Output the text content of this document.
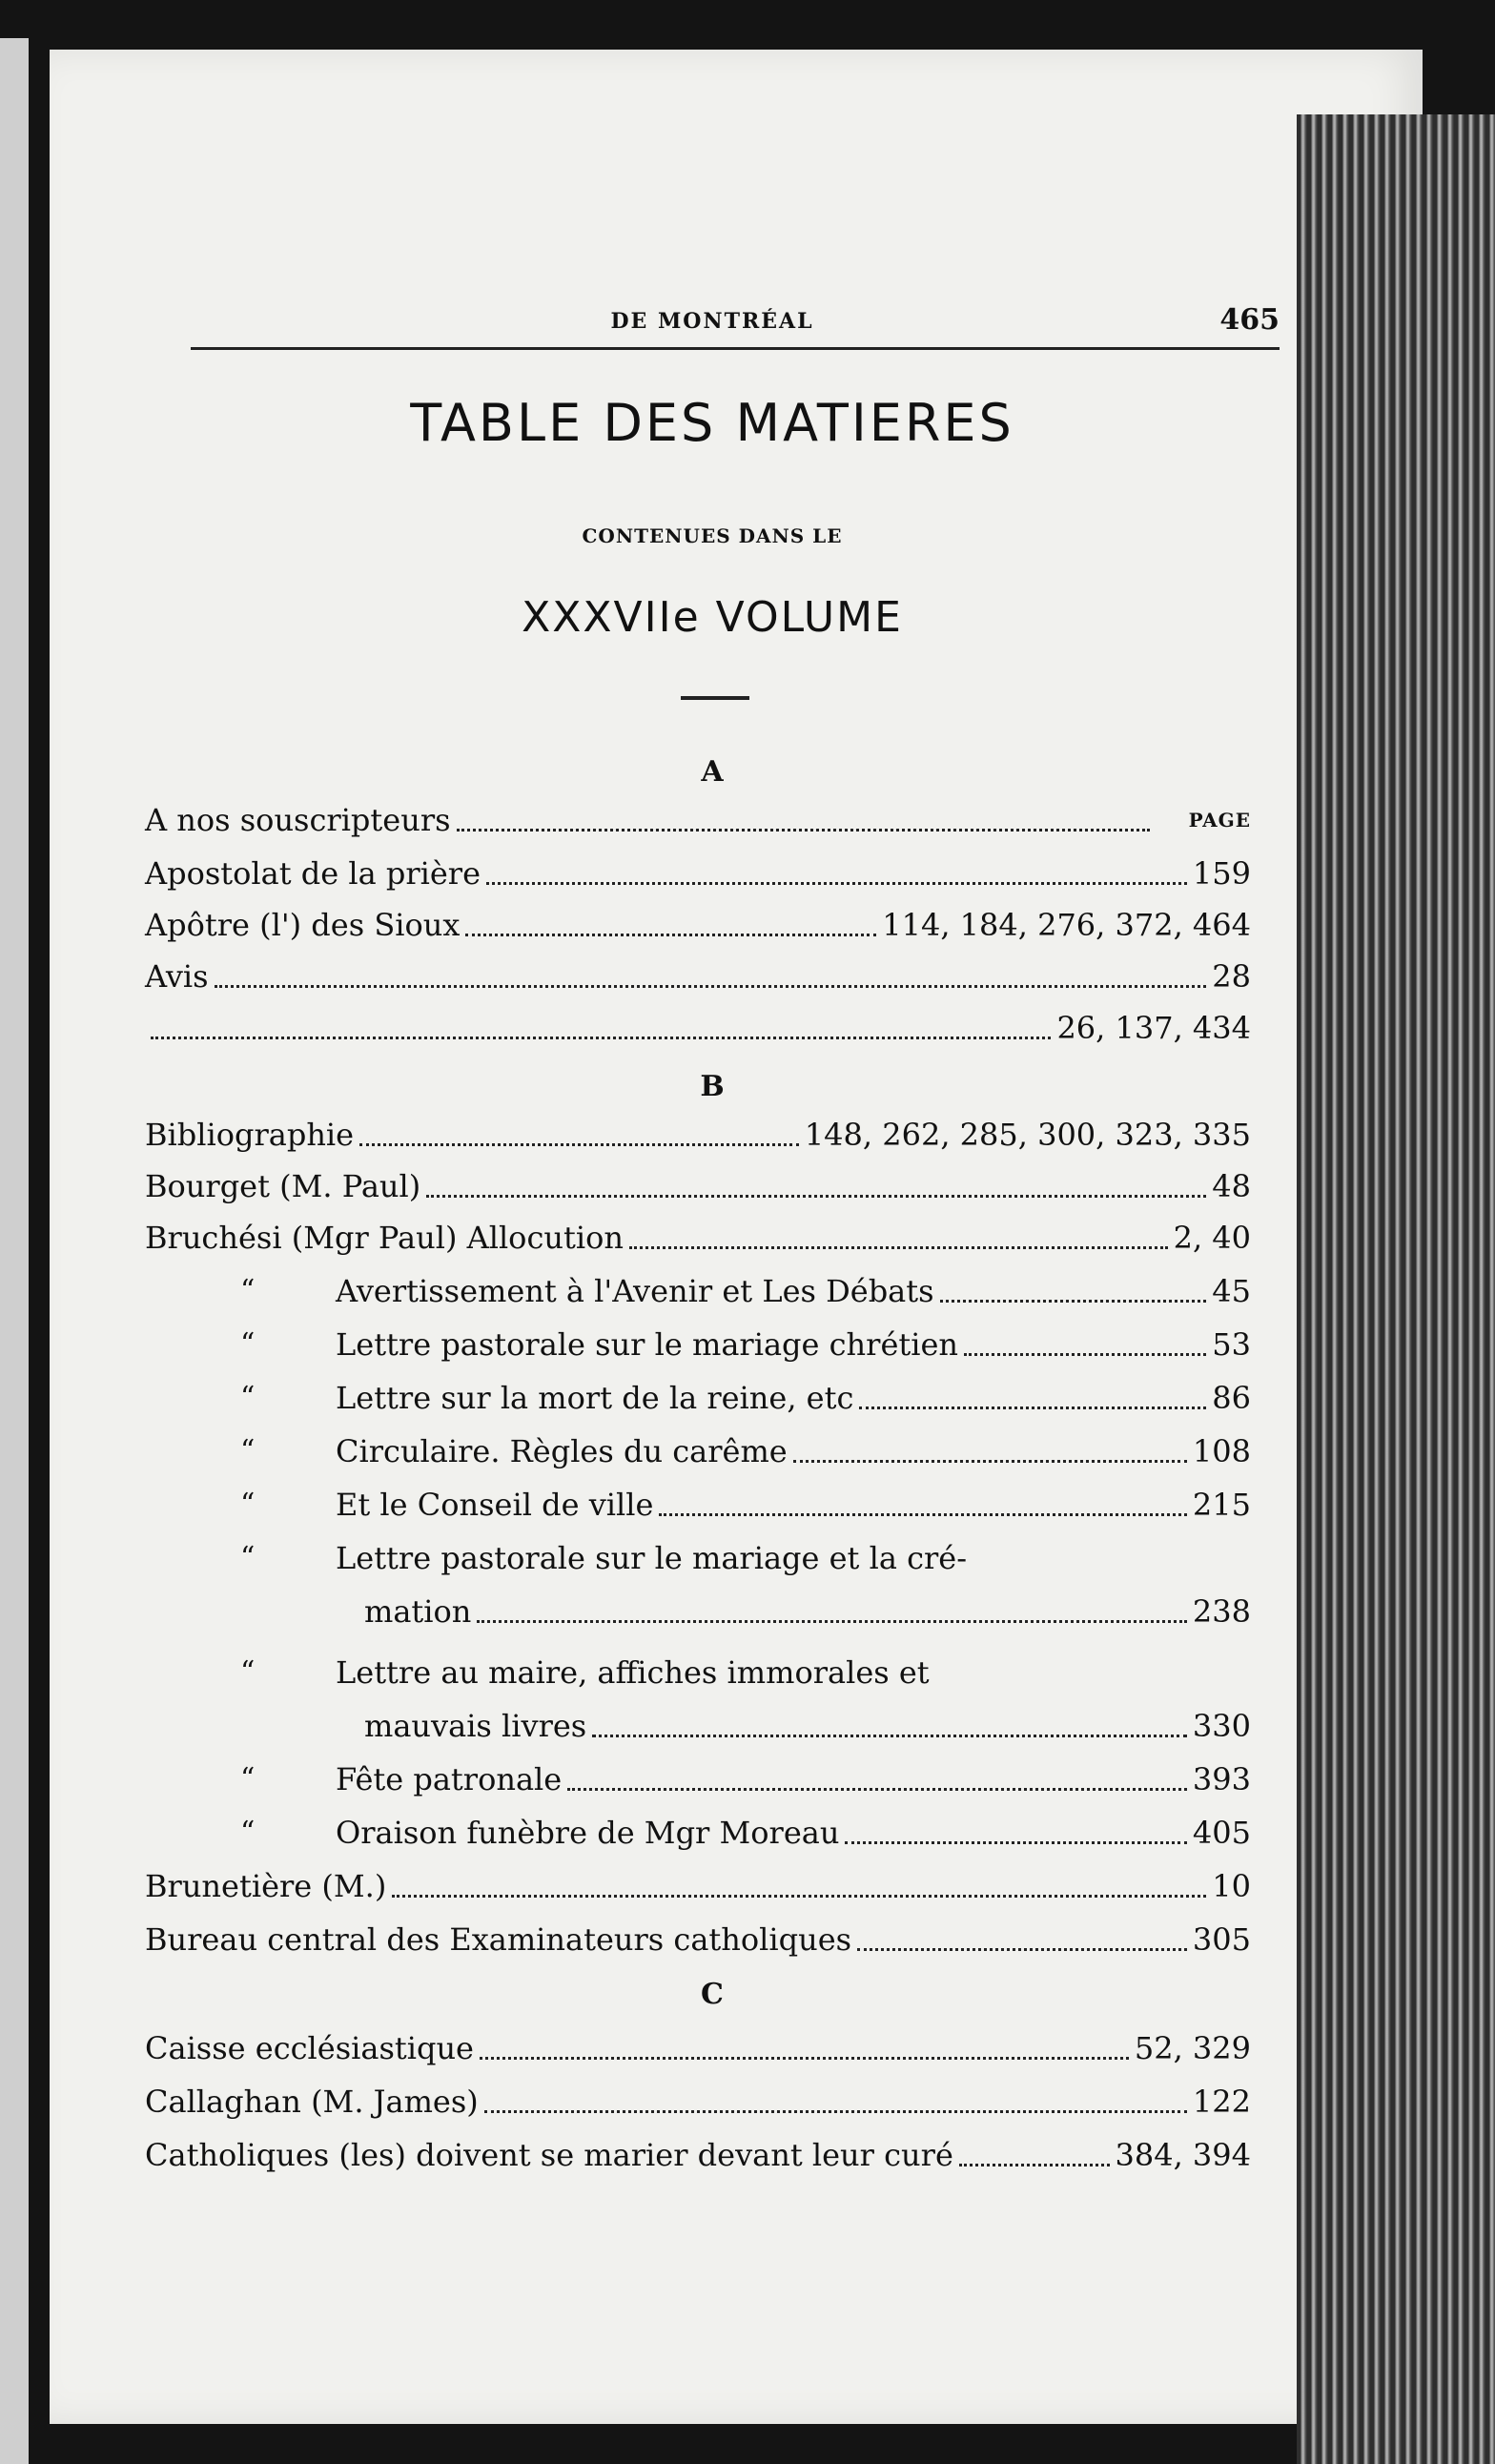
DE MONTRÉAL	465
TABLE DES MATIERES
CONTENUES DANS LE
XXXVIIe VOLUME
A
PAGE
A nos souscripteurs
Apostolat de la prière	159
Apôtre (l') des Sioux	114, 184, 276, 372, 464
Avis	28
26, 137, 434
B
Bibliographie	148, 262, 285, 300, 323, 335
Bourget (M. Paul)	48
Bruchési (Mgr Paul) Allocution	2, 40
“	Avertissement à l'Avenir et Les Débats	45
“	Lettre pastorale sur le mariage chrétien	53
“	Lettre sur la mort de la reine, etc	86
“	Circulaire. Règles du carême	108
“	Et le Conseil de ville	215
“	Lettre pastorale sur le mariage et la cré-
mation	238
“	Lettre au maire, affiches immorales et
mauvais livres	330
“	Fête patronale	393
“	Oraison funèbre de Mgr Moreau	405
Brunetière (M.)	10
Bureau central des Examinateurs catholiques	305
C
Caisse ecclésiastique	52, 329
Callaghan (M. James)	122
Catholiques (les) doivent se marier devant leur curé	384, 394
